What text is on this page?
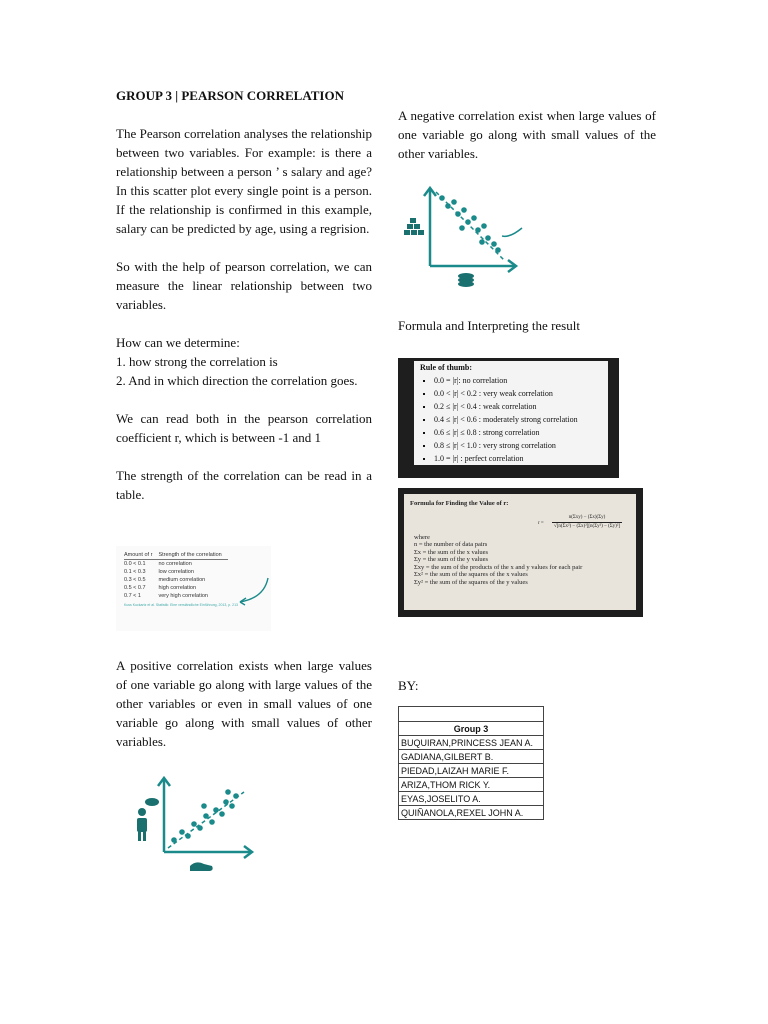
GROUP 3 | PEARSON CORRELATION

The Pearson correlation analyses the relationship between two variables. For example: is there a relationship between a person ’ s salary and age? In this scatter plot every single point is a person. If the relationship is confirmed in this example, salary can be predicted by age, using a regrision.

So with the help of pearson correlation, we can measure the linear relationship between two variables.

How can we determine:

1. how strong the correlation is

2. And in which direction the correlation goes.

We can read both in the pearson correlation coefficient r, which is between -1 and 1

The strength of the correlation can be read in a table.

Amount of r	Strength of the correlation
0.0 < 0.1	no correlation
0.1 < 0.3	low correlation
0.3 < 0.5	medium correlation
0.5 < 0.7	high correlation
0.7 < 1	very high correlation
Kuss Kuckartz et al. Statistik: Eine verständliche Einführung, 2013, p. 213

A positive correlation exists when large values of one variable go along with large values of the other variables or even in small values of one variable go along with small values of other variables.

A negative correlation exist when large values of one variable go along with small values of the other variables.

Formula and Interpreting the result

Rule of thumb:

▪ 0.0 = |r|: no correlation
▪ 0.0 < |r| < 0.2 : very weak correlation
▪ 0.2 ≤ |r| < 0.4 : weak correlation
▪ 0.4 ≤ |r| < 0.6 : moderately strong correlation
▪ 0.6 ≤ |r| ≤ 0.8 : strong correlation
▪ 0.8 ≤ |r| < 1.0 : very strong correlation
▪ 1.0 = |r| : perfect correlation

Formula for Finding the Value of r:

r =
n(Σxy) − (Σx)(Σy)
√[n(Σx²) − (Σx)²][n(Σy²) − (Σy)²]
where
n = the number of data pairs
Σx = the sum of the x values
Σy = the sum of the y values
Σxy = the sum of the products of the x and y values for each pair
Σx² = the sum of the squares of the x values
Σy² = the sum of the squares of the y values

BY:

Group 3
BUQUIRAN,PRINCESS JEAN A.
GADIANA,GILBERT B.
PIEDAD,LAIZAH MARIE F.
ARIZA,THOM RICK Y.
EYAS,JOSELITO A.
QUIÑANOLA,REXEL JOHN A.
